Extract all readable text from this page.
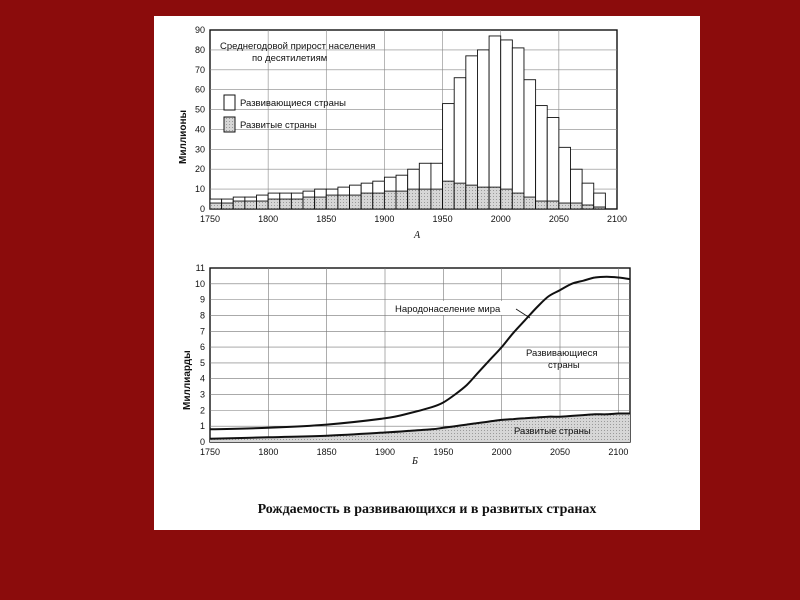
0
10
20
30
40
50
60
70
80
90
1750	1800	1850	1900	1950	2000	2050	2100
Миллионы
Среднегодовой прирост населения
по десятилетиям
Развивающиеся страны
Развитые страны
А
0
1
2
3
4
5
6
7
8
9
10
11
1750	1800	1850	1900	1950	2000	2050	2100
Миллиарды
Народонаселение мира
Развивающиеся
страны
Развитые страны
Б
Рождаемость в развивающихся и в развитых странах
